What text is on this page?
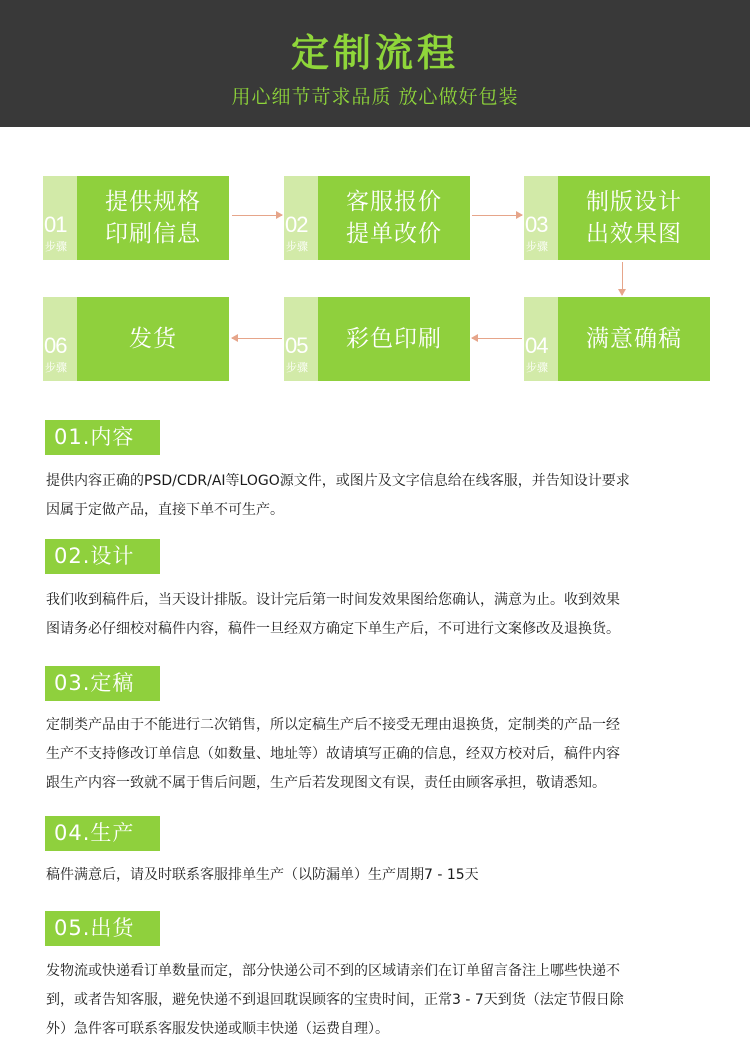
定制流程
用心细节苛求品质 放心做好包装
01
步骤
提供规格
印刷信息	02
步骤
客服报价
提单改价	03
步骤
制版设计
出效果图
06
步骤
发货	05
步骤
彩色印刷	04
步骤
满意确稿
01.内容
提供内容正确的PSD/CDR/AI等LOGO源文件，或图片及文字信息给在线客服，并告知设计要求
因属于定做产品，直接下单不可生产。
02.设计
我们收到稿件后，当天设计排版。设计完后第一时间发效果图给您确认，满意为止。收到效果
图请务必仔细校对稿件内容，稿件一旦经双方确定下单生产后，不可进行文案修改及退换货。
03.定稿
定制类产品由于不能进行二次销售，所以定稿生产后不接受无理由退换货，定制类的产品一经
生产不支持修改订单信息（如数量、地址等）故请填写正确的信息，经双方校对后，稿件内容
跟生产内容一致就不属于售后问题，生产后若发现图文有误，责任由顾客承担，敬请悉知。
04.生产
稿件满意后，请及时联系客服排单生产（以防漏单）生产周期7 - 15天
05.出货
发物流或快递看订单数量而定，部分快递公司不到的区域请亲们在订单留言备注上哪些快递不
到，或者告知客服，避免快递不到退回耽误顾客的宝贵时间，正常3 - 7天到货（法定节假日除
外）急件客可联系客服发快递或顺丰快递（运费自理）。
